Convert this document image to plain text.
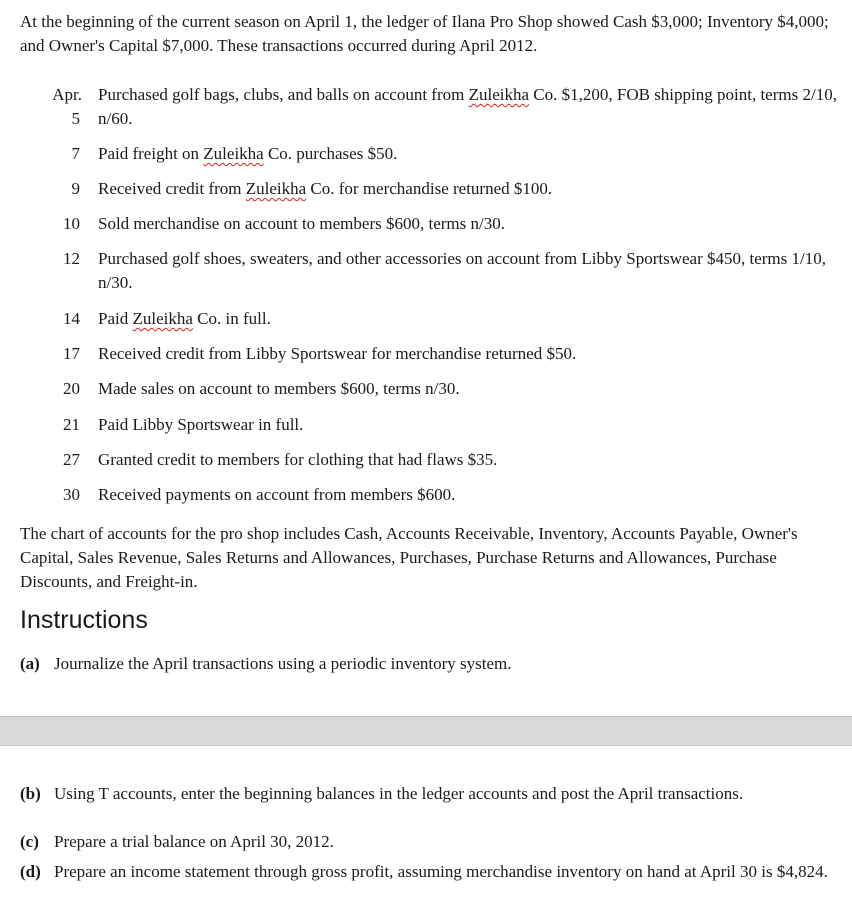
At the beginning of the current season on April 1, the ledger of Ilana Pro Shop showed Cash $3,000; Inventory $4,000; and Owner's Capital $7,000. These transactions occurred during April 2012.
Apr.
5
Purchased golf bags, clubs, and balls on account from Zuleikha Co. $1,200, FOB shipping point, terms 2/10, n/60.
7 Paid freight on Zuleikha Co. purchases $50.
9 Received credit from Zuleikha Co. for merchandise returned $100.
10 Sold merchandise on account to members $600, terms n/30.
12 Purchased golf shoes, sweaters, and other accessories on account from Libby Sportswear $450, terms 1/10, n/30.
14 Paid Zuleikha Co. in full.
17 Received credit from Libby Sportswear for merchandise returned $50.
20 Made sales on account to members $600, terms n/30.
21 Paid Libby Sportswear in full.
27 Granted credit to members for clothing that had flaws $35.
30 Received payments on account from members $600.
The chart of accounts for the pro shop includes Cash, Accounts Receivable, Inventory, Accounts Payable, Owner's Capital, Sales Revenue, Sales Returns and Allowances, Purchases, Purchase Returns and Allowances, Purchase Discounts, and Freight-in.
Instructions
(a) Journalize the April transactions using a periodic inventory system.
(b) Using T accounts, enter the beginning balances in the ledger accounts and post the April transactions.
(c) Prepare a trial balance on April 30, 2012.
(d) Prepare an income statement through gross profit, assuming merchandise inventory on hand at April 30 is $4,824.
